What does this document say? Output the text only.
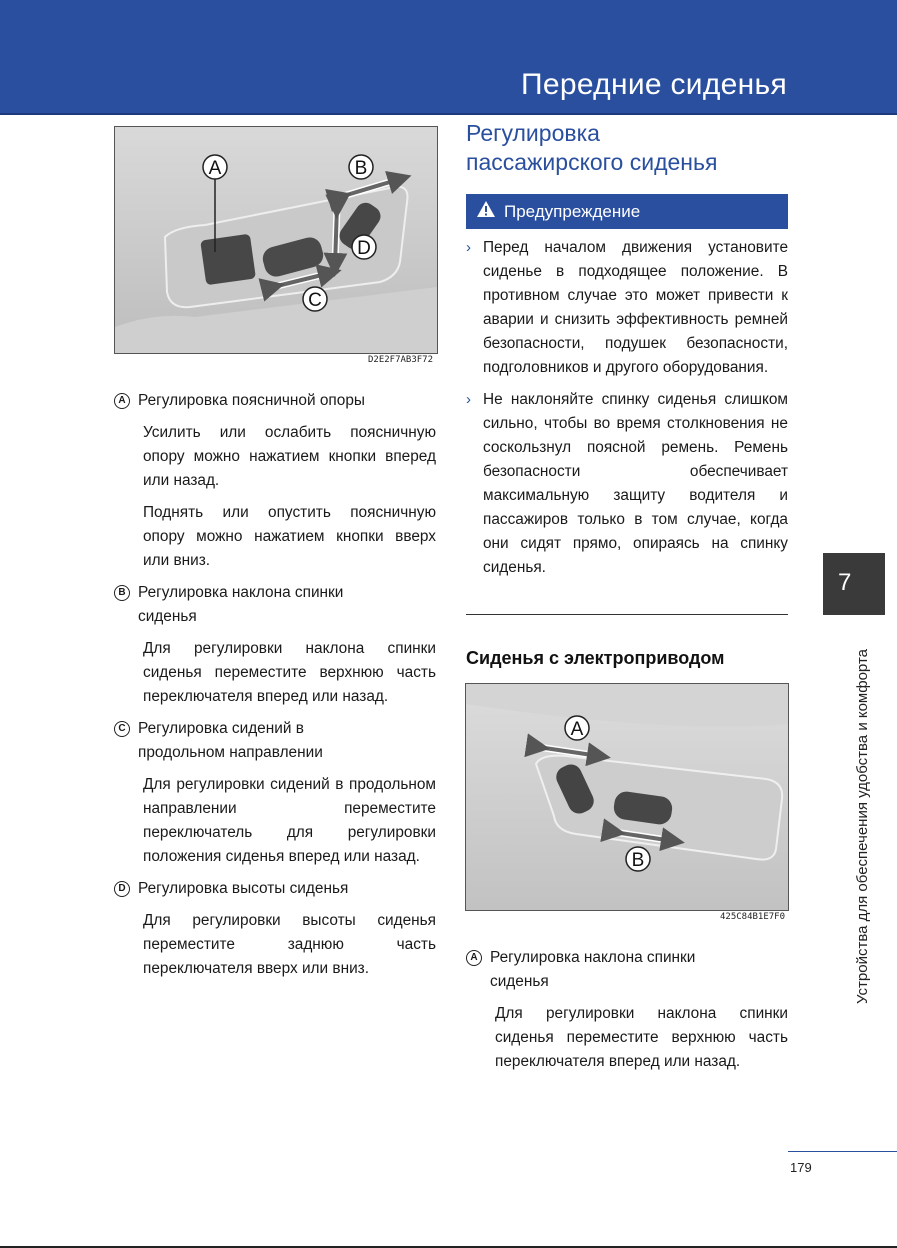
Передние сиденья
A	B
C
D
D2E2F7AB3F72
A Регулировка поясничной опоры

Усилить или ослабить поясничную опору можно нажатием кнопки вперед или назад.

Поднять или опустить поясничную опору можно нажатием кнопки вверх или вниз.

B Регулировка наклона спинки сиденья

Для регулировки наклона спинки сиденья переместите верхнюю часть переключателя вперед или назад.

C Регулировка сидений в продольном направлении

Для регулировки сидений в продольном направлении переместите переключатель для регулировки положения сиденья вперед или назад.

D Регулировка высоты сиденья

Для регулировки высоты сиденья переместите заднюю часть переключателя вверх или вниз.

Регулировка
пассажирского сиденья
Предупреждение
› Перед началом движения установите сиденье в подходящее положение. В противном случае это может привести к аварии и снизить эффективность ремней безопасности, подушек безопасности, подголовников и другого оборудования.

› Не наклоняйте спинку сиденья слишком сильно, чтобы во время столкновения не соскользнул поясной ремень. Ремень безопасности обеспечивает максимальную защиту водителя и пассажиров только в том случае, когда они сидят прямо, опираясь на спинку сиденья.

Сиденья с электроприводом
A
B
425C84B1E7F0
A Регулировка наклона спинки сиденья

Для регулировки наклона спинки сиденья переместите верхнюю часть переключателя вперед или назад.

7
Устройства для обеспечения удобства и комфорта
179
